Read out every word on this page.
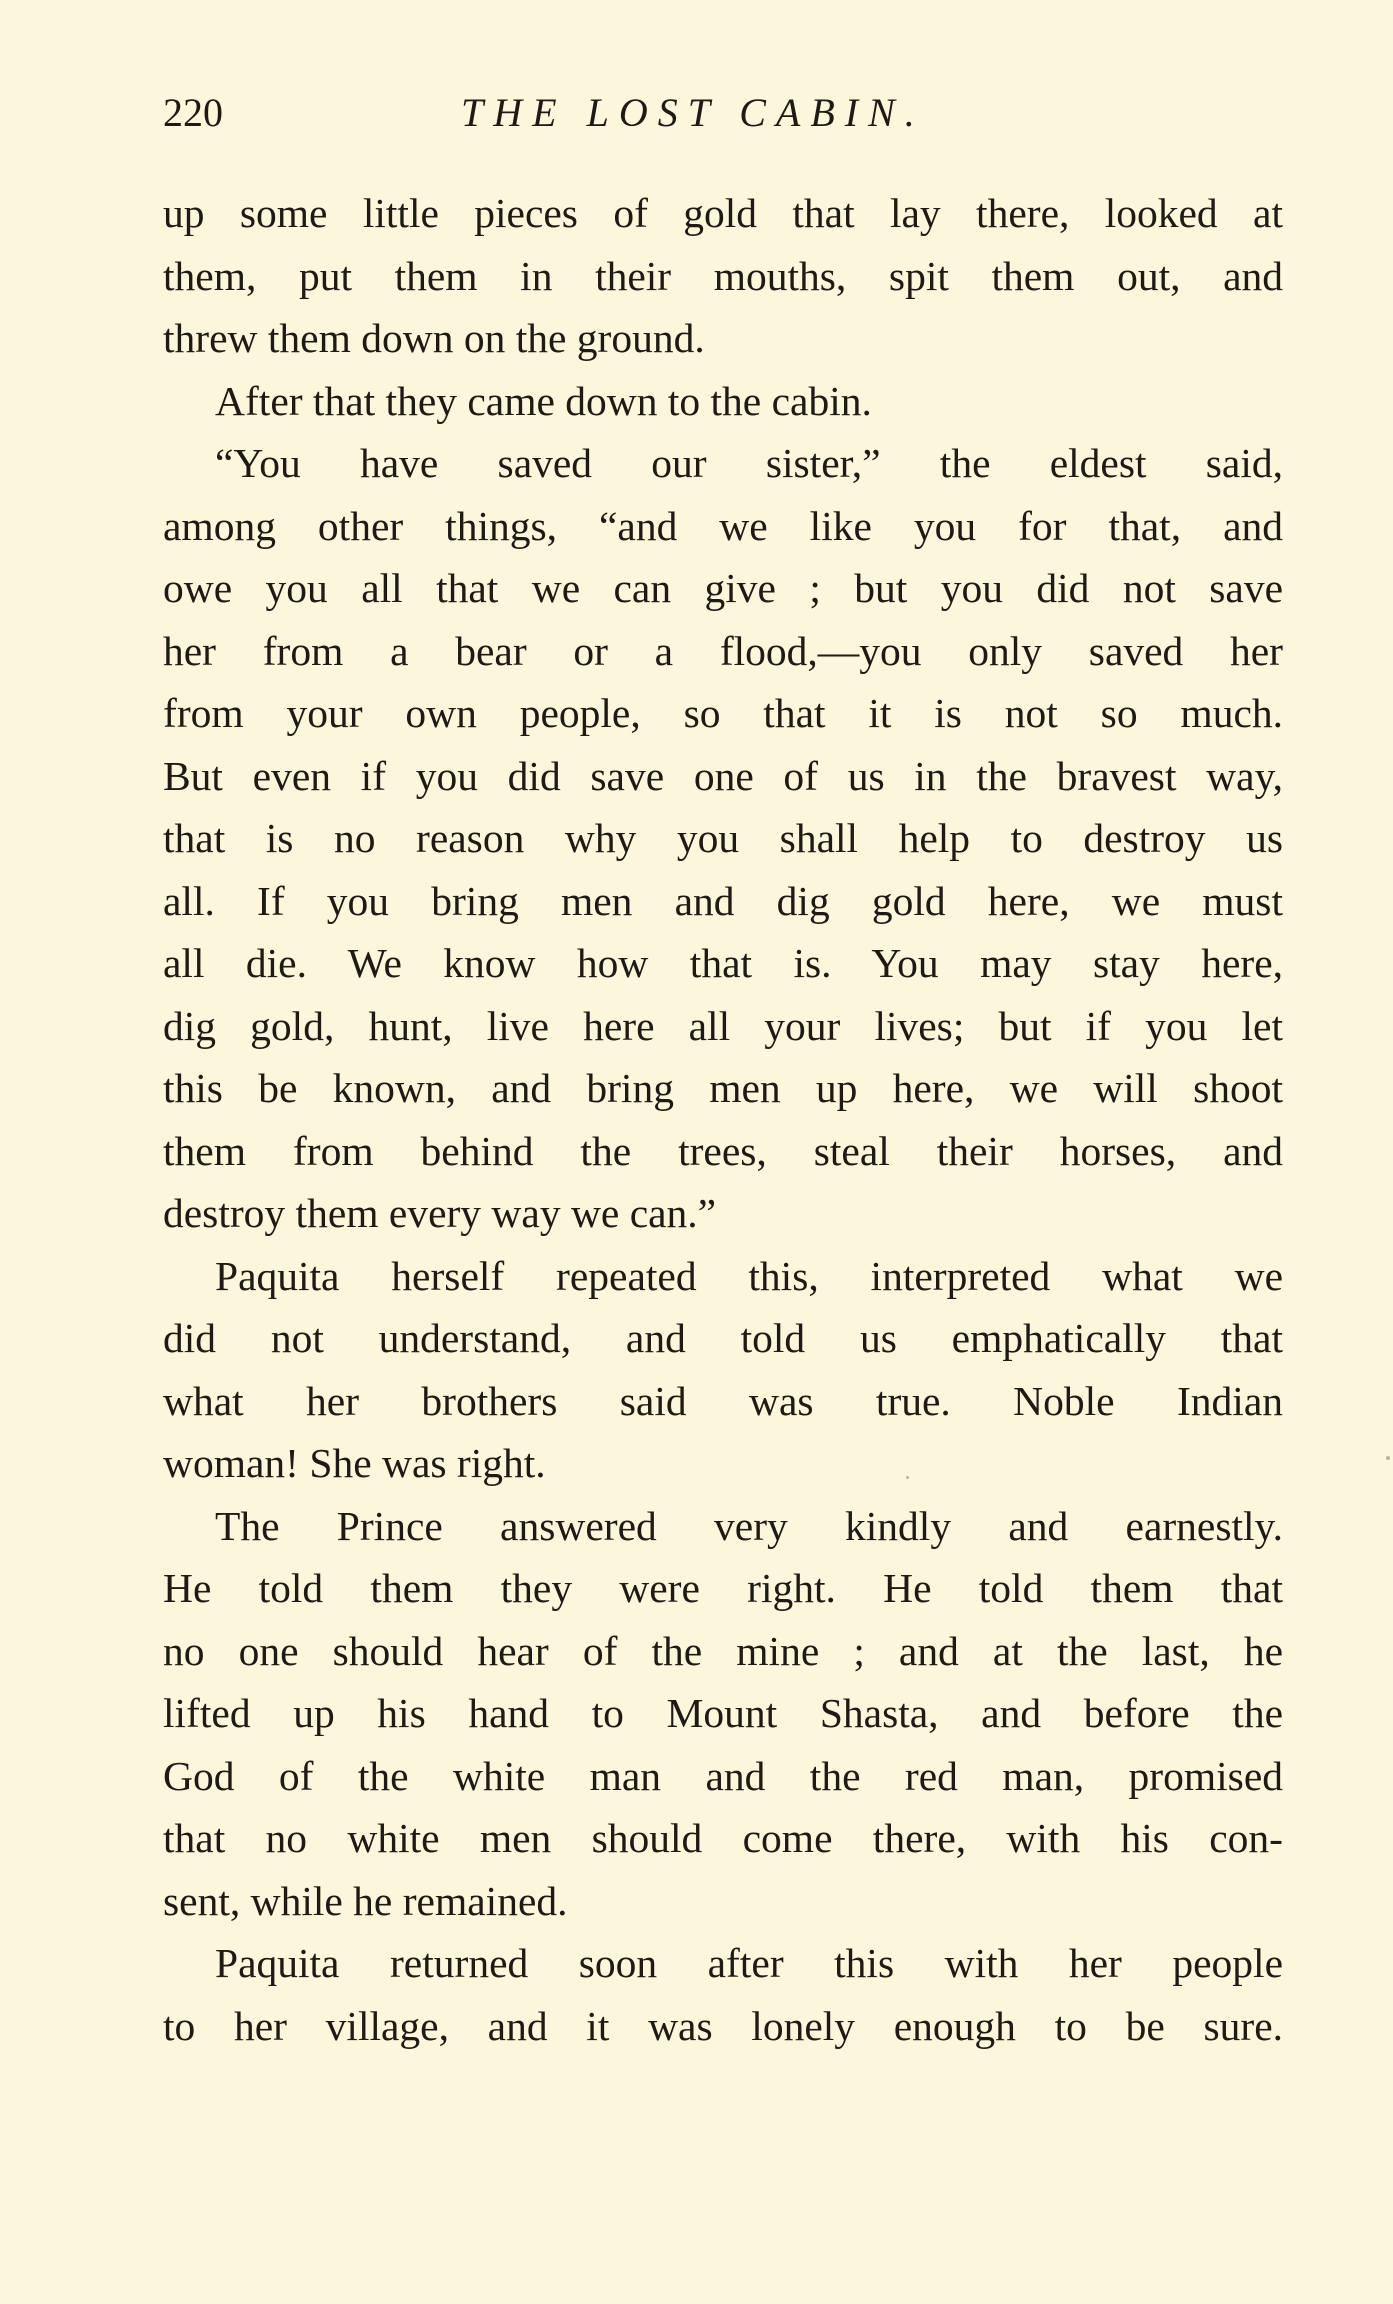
220	THE LOST CABIN.
up some little pieces of gold that lay there, looked at
them, put them in their mouths, spit them out, and
threw them down on the ground.
After that they came down to the cabin.
“You have saved our sister,” the eldest said,
among other things, “and we like you for that, and
owe you all that we can give ; but you did not save
her from a bear or a flood,—you only saved her
from your own people, so that it is not so much.
But even if you did save one of us in the bravest way,
that is no reason why you shall help to destroy us
all. If you bring men and dig gold here, we must
all die. We know how that is. You may stay here,
dig gold, hunt, live here all your lives; but if you let
this be known, and bring men up here, we will shoot
them from behind the trees, steal their horses, and
destroy them every way we can.”
Paquita herself repeated this, interpreted what we
did not understand, and told us emphatically that
what her brothers said was true. Noble Indian
woman! She was right.
The Prince answered very kindly and earnestly.
He told them they were right. He told them that
no one should hear of the mine ; and at the last, he
lifted up his hand to Mount Shasta, and before the
God of the white man and the red man, promised
that no white men should come there, with his con-
sent, while he remained.
Paquita returned soon after this with her people
to her village, and it was lonely enough to be sure.
